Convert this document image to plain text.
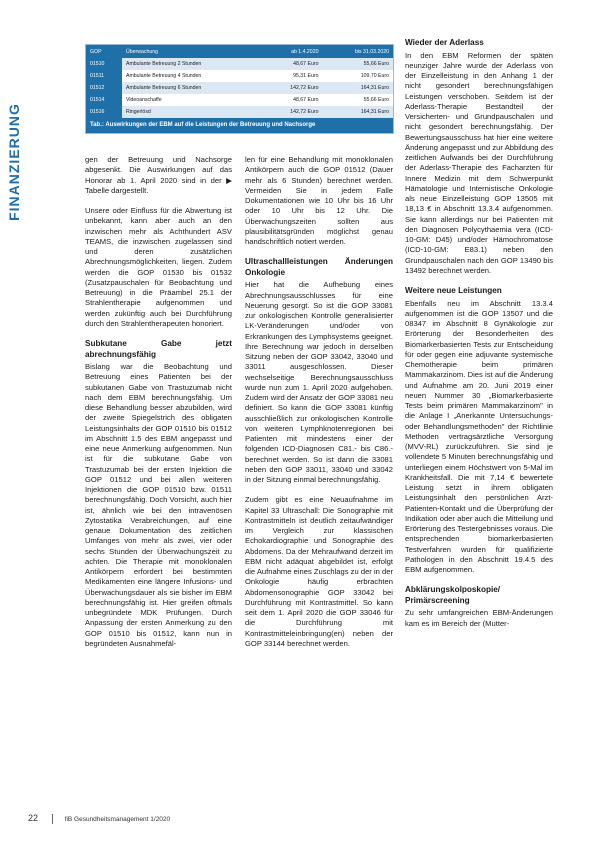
FINANZIERUNG
GOP	Überwachung	ab 1.4.2020	bis 31.03.2020
01510	Ambulante Betreuung 2 Stunden	48,67 Euro	55,66 Euro
01511	Ambulante Betreuung 4 Stunden	95,31 Euro	109,70 Euro
01512	Ambulante Betreuung 6 Stunden	142,72 Euro	164,31 Euro
01514	Videoanschaffe	48,67 Euro	55,66 Euro
01516	Ringerlösd	142,72 Euro	164,31 Euro
Tab.: Auswirkungen der EBM auf die Leistungen der Betreuung und Nachsorge

gen der Betreuung und Nachsorge abgesenkt. Die Auswirkungen auf das Honorar ab 1. April 2020 sind in der ▶ Tabelle dargestellt.

Unsere oder Einfluss für die Abwertung ist unbekannt, kann aber auch an den inzwischen mehr als Achthundert ASV TEAMS, die inzwischen zugelassen sind und deren zusätzlichen Abrechnungsmöglichkeiten, liegen. Zudem werden die GOP 01530 bis 01532 (Zusatzpauschalen für Beobachtung und Betreuung) in die Präambel 25.1 der Strahlentherapie aufgenommen und werden zukünftig auch bei Durchführung durch den Strahlentherapeuten honoriert.

Subkutane Gabe jetzt abrechnungsfähig

Bislang war die Beobachtung und Betreuung eines Patienten bei der subkutanen Gabe von Trastuzumab nicht nach dem EBM berechnungsfähig. Um diese Behandlung besser abzubilden, wird der zweite Spiegelstrich des obligaten Leistungsinhalts der GOP 01510 bis 01512 im Abschnitt 1.5 des EBM angepasst und eine neue Anmerkung aufgenommen. Nun ist für die subkutane Gabe von Trastuzumab bei der ersten Injektion die GOP 01512 und bei allen weiteren Injektionen die GOP 01510 bzw. 01511 berechnungsfähig. Doch Vorsicht, auch hier ist, ähnlich wie bei den intravenösen Zytostatika Verabreichungen, auf eine genaue Dokumentation des zeitlichen Umfanges von mehr als zwei, vier oder sechs Stunden der Überwachungszeit zu achten. Die Therapie mit monoklonalen Antikörpern erfordert bei bestimmten Medikamenten eine längere Infusions- und Überwachungsdauer als sie bisher im EBM berechnungsfähig ist. Hier greifen oftmals unbegründete MDK Prüfungen. Durch Anpassung der ersten Anmerkung zu den GOP 01510 bis 01512, kann nun in begründeten Ausnahmefäl-

len für eine Behandlung mit monoklonalen Antikörpern auch die GOP 01512 (Dauer mehr als 6 Stunden) berechnet werden. Vermeiden Sie in jedem Falle Dokumentationen wie 10 Uhr bis 16 Uhr oder 10 Uhr bis 12 Uhr. Die Überwachungszeiten sollten aus plausibilitätsgründen möglichst genau handschriftlich notiert werden.

Ultraschallleistungen Änderungen Onkologie

Hier hat die Aufhebung eines Abrechnungsausschlusses für eine Neuerung gesorgt. So ist die GOP 33081 zur onkologischen Kontrolle generalisierter LK-Veränderungen und/oder von Erkrankungen des Lymphsystems geeignet. Ihre Berechnung war jedoch in derselben Sitzung neben der GOP 33042, 33040 und 33011 ausgeschlossen. Dieser wechselseitige Berechnungsausschluss wurde nun zum 1. April 2020 aufgehoben. Zudem wird der Ansatz der GOP 33081 neu definiert. So kann die GOP 33081 künftig ausschließlich zur onkologischen Kontrolle von weiteren Lymphknotenregionen bei Patienten mit mindestens einer der folgenden ICD-Diagnosen C81.- bis C86.- berechnet werden. So ist dann die 33081 neben den GOP 33011, 33040 und 33042 in der Sitzung einmal berechnungsfähig.

Zudem gibt es eine Neuaufnahme im Kapitel 33 Ultraschall: Die Sonographie mit Kontrastmitteln ist deutlich zeitaufwändiger im Vergleich zur klassischen Echokardiographie und Sonographie des Abdomens. Da der Mehraufwand derzeit im EBM nicht adäquat abgebildet ist, erfolgt die Aufnahme eines Zuschlags zu der in der Onkologie häufig erbrachten Abdomensonographie GOP 33042 bei Durchführung mit Kontrastmittel. So kann seit dem 1. April 2020 die GOP 33046 für die Durchführung mit Kontrastmitteleinbringung(en) neben der GOP 33144 berechnet werden.

Wieder der Aderlass

In den EBM Reformen der späten neunziger Jahre wurde der Aderlass von der Einzelleistung in den Anhang 1 der nicht gesondert berechnungsfähigen Leistungen verschoben. Seitdem ist der Aderlass-Therapie Bestandteil der Versicherten- und Grundpauschalen und nicht gesondert berechnungsfähig. Der Bewertungsausschuss hat hier eine weitere Änderung angepasst und zur Abbildung des zeitlichen Aufwands bei der Durchführung der Aderlass-Therapie des Facharzten für Innere Medizin mit dem Schwerpunkt Hämatologie und Internistische Onkologie als neue Einzelleistung GOP 13505 mit 18,13 € in Abschnitt 13.3.4 aufgenommen. Sie kann allerdings nur bei Patienten mit den Diagnosen Polycythaemia vera (ICD-10-GM: D45) und/oder Hämochromatose (ICD-10-GM: E83.1) neben den Grundpauschalen nach den GOP 13490 bis 13492 berechnet werden.

Weitere neue Leistungen

Ebenfalls neu im Abschnitt 13.3.4 aufgenommen ist die GOP 13507 und die 08347 im Abschnitt 8 Gynäkologie zur Erörterung der Besonderheiten des Biomarkerbasierten Tests zur Entscheidung für oder gegen eine adjuvante systemische Chemotherapie beim primären Mammakarzinom. Dies ist auf die Änderung und Aufnahme am 20. Juni 2019 einer neuen Nummer 30 „Biomarkerbasierte Tests beim primären Mammakarzinom" in die Anlage I „Anerkannte Untersuchungs- oder Behandlungsmethoden" der Richtlinie Methoden vertragsärztliche Versorgung (MVV-RL) zurückzuführen. Sie sind je vollendete 5 Minuten berechnungsfähig und unterliegen einem Höchstwert von 5-Mal im Krankheitsfall. Die mit 7,14 € bewertete Leistung setzt in ihrem obligaten Leistungsinhalt den persönlichen Arzt-Patienten-Kontakt und die Überprüfung der Indikation oder aber auch die Mitteilung und Erörterung des Testergebnisses voraus. Die entsprechenden biomarkerbasierten Testverfahren wurden für qualifizierte Pathologen in den Abschnitt 19.4.5 des EBM aufgenommen.

Abklärungskolposkopie/ Primärscreening

Zu sehr umfangreichen EBM-Änderungen kam es im Bereich der (Mutter-

22	fiB Gesundheitsmanagement 1/2020
